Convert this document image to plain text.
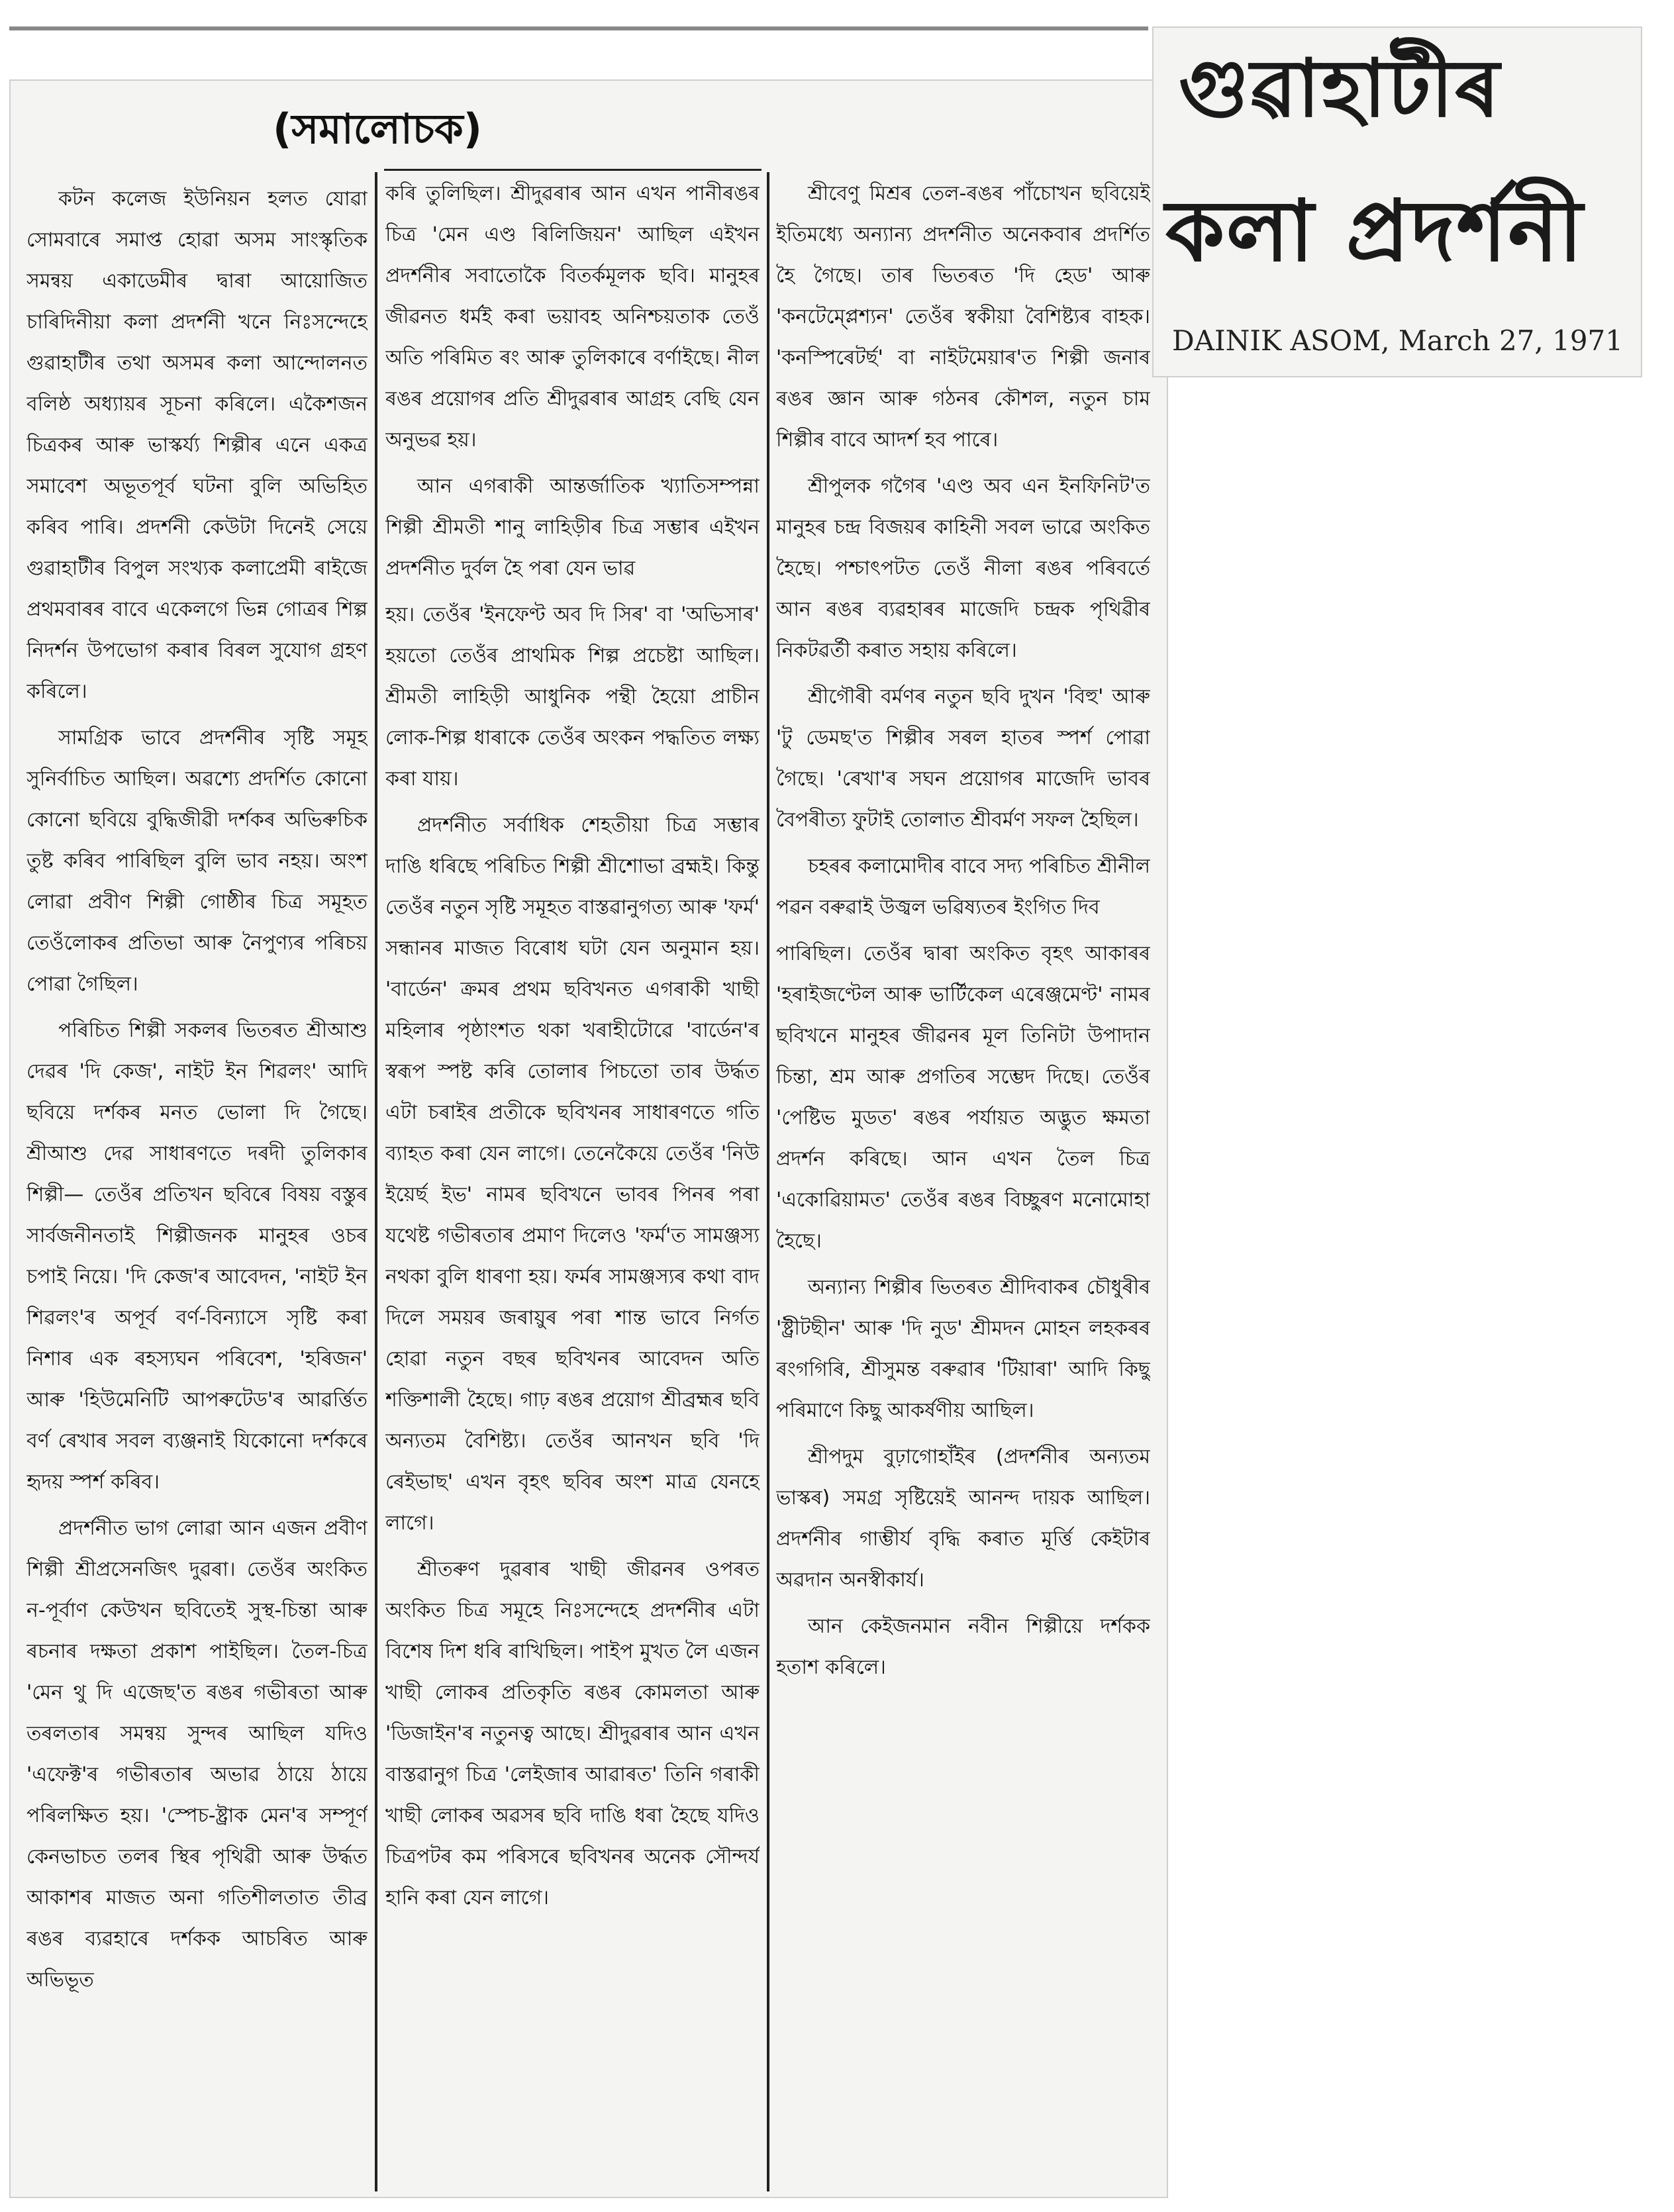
(সমালোচক)	গুৱাহাটীৰ
কলা প্ৰদৰ্শনী
DAINIK ASOM, March 27, 1971

কটন কলেজ ইউনিয়ন হলত যোৱা সোমবাৰে সমাপ্ত হোৱা অসম সাংস্কৃতিক সমন্বয় একাডেমীৰ দ্বাৰা আয়োজিত চাৰিদিনীয়া কলা প্ৰদৰ্শনী খনে নিঃসন্দেহে গুৱাহাটীৰ তথা অসমৰ কলা আন্দোলনত বলিষ্ঠ অধ্যায়ৰ সূচনা কৰিলে। একৈশজন চিত্ৰকৰ আৰু ভাস্কৰ্য্য শিল্পীৰ এনে একত্ৰ সমাবেশ অভূতপূৰ্ব ঘটনা বুলি অভিহিত কৰিব পাৰি। প্ৰদৰ্শনী কেউটা দিনেই সেয়ে গুৱাহাটীৰ বিপুল সংখ্যক কলাপ্ৰেমী ৰাইজে প্ৰথমবাৰৰ বাবে একেলগে ভিন্ন গোত্ৰৰ শিল্প নিদৰ্শন উপভোগ কৰাৰ বিৰল সুযোগ গ্ৰহণ কৰিলে।

সামগ্ৰিক ভাবে প্ৰদৰ্শনীৰ সৃষ্টি সমূহ সুনিৰ্বাচিত আছিল। অৱশ্যে প্ৰদৰ্শিত কোনো কোনো ছবিয়ে বুদ্ধিজীৱী দৰ্শকৰ অভিৰুচিক তুষ্ট কৰিব পাৰিছিল বুলি ভাব নহয়। অংশ লোৱা প্ৰবীণ শিল্পী গোষ্ঠীৰ চিত্ৰ সমূহত তেওঁলোকৰ প্ৰতিভা আৰু নৈপুণ্যৰ পৰিচয় পোৱা গৈছিল।

পৰিচিত শিল্পী সকলৰ ভিতৰত শ্ৰীআশু দেৱৰ 'দি কেজ', নাইট ইন শিৱলং' আদি ছবিয়ে দৰ্শকৰ মনত ভোলা দি গৈছে। শ্ৰীআশু দেৱ সাধাৰণতে দৰদী তুলিকাৰ শিল্পী— তেওঁৰ প্ৰতিখন ছবিৰে বিষয় বস্তুৰ সাৰ্বজনীনতাই শিল্পীজনক মানুহৰ ওচৰ চপাই নিয়ে। 'দি কেজ'ৰ আবেদন, 'নাইট ইন শিৱলং'ৰ অপূৰ্ব বৰ্ণ-বিন্যাসে সৃষ্টি কৰা নিশাৰ এক ৰহস্যঘন পৰিবেশ, 'হৰিজন' আৰু 'হিউমেনিটি আপৰুটেড'ৰ আৱৰ্ত্তিত বৰ্ণ ৰেখাৰ সবল ব্যঞ্জনাই যিকোনো দৰ্শকৰে হৃদয় স্পৰ্শ কৰিব।

প্ৰদৰ্শনীত ভাগ লোৱা আন এজন প্ৰবীণ শিল্পী শ্ৰীপ্ৰসেনজিৎ দুৱৰা। তেওঁৰ অংকিত ন-পূৰ্বাণ কেউখন ছবিতেই সুস্থ-চিন্তা আৰু ৰচনাৰ দক্ষতা প্ৰকাশ পাইছিল। তৈল-চিত্ৰ 'মেন থু দি এজেছ'ত ৰঙৰ গভীৰতা আৰু তৰলতাৰ সমন্বয় সুন্দৰ আছিল যদিও 'এফেক্ট'ৰ গভীৰতাৰ অভাৱ ঠায়ে ঠায়ে পৰিলক্ষিত হয়। 'স্পেচ-ষ্ট্ৰাক মেন'ৰ সম্পূৰ্ণ কেনভাচত তলৰ স্থিৰ পৃথিৱী আৰু উৰ্দ্ধত আকাশৰ মাজত অনা গতিশীলতাত তীব্ৰ ৰঙৰ ব্যৱহাৰে দৰ্শকক আচৰিত আৰু অভিভূত

কৰি তুলিছিল। শ্ৰীদুৱৰাৰ আন এখন পানীৰঙৰ চিত্ৰ 'মেন এণ্ড ৰিলিজিয়ন' আছিল এইখন প্ৰদৰ্শনীৰ সবাতোকৈ বিতৰ্কমূলক ছবি। মানুহৰ জীৱনত ধৰ্মই কৰা ভয়াবহ অনিশ্চয়তাক তেওঁ অতি পৰিমিত ৰং আৰু তুলিকাৰে বৰ্ণাইছে। নীল ৰঙৰ প্ৰয়োগৰ প্ৰতি শ্ৰীদুৱৰাৰ আগ্ৰহ বেছি যেন অনুভৱ হয়।

আন এগৰাকী আন্তৰ্জাতিক খ্যাতিসম্পন্না শিল্পী শ্ৰীমতী শানু লাহিড়ীৰ চিত্ৰ সম্ভাৰ এইখন প্ৰদৰ্শনীত দুৰ্বল হৈ পৰা যেন ভাৱ

হয়। তেওঁৰ 'ইনফেণ্ট অব দি সিৰ' বা 'অভিসাৰ' হয়তো তেওঁৰ প্ৰাথমিক শিল্প প্ৰচেষ্টা আছিল। শ্ৰীমতী লাহিড়ী আধুনিক পন্থী হৈয়ো প্ৰাচীন লোক-শিল্প ধাৰাকে তেওঁৰ অংকন পদ্ধতিত লক্ষ্য কৰা যায়।

প্ৰদৰ্শনীত সৰ্বাধিক শেহতীয়া চিত্ৰ সম্ভাৰ দাঙি ধৰিছে পৰিচিত শিল্পী শ্ৰীশোভা ব্ৰহ্মই। কিন্তু তেওঁৰ নতুন সৃষ্টি সমূহত বাস্তৱানুগত্য আৰু 'ফৰ্ম' সন্ধানৰ মাজত বিৰোধ ঘটা যেন অনুমান হয়। 'বাৰ্ডেন' ক্ৰমৰ প্ৰথম ছবিখনত এগৰাকী খাছী মহিলাৰ পৃষ্ঠাংশত থকা খৰাহীটোৱে 'বাৰ্ডেন'ৰ স্বৰূপ স্পষ্ট কৰি তোলাৰ পিচতো তাৰ উৰ্দ্ধত এটা চৰাইৰ প্ৰতীকে ছবিখনৰ সাধাৰণতে গতি ব্যাহত কৰা যেন লাগে। তেনেকৈয়ে তেওঁৰ 'নিউ ইয়েৰ্ছ ইভ' নামৰ ছবিখনে ভাবৰ পিনৰ পৰা যথেষ্ট গভীৰতাৰ প্ৰমাণ দিলেও 'ফৰ্ম'ত সামঞ্জস্য নথকা বুলি ধাৰণা হয়। ফৰ্মৰ সামঞ্জস্যৰ কথা বাদ দিলে সময়ৰ জৰায়ুৰ পৰা শান্ত ভাবে নিৰ্গত হোৱা নতুন বছৰ ছবিখনৰ আবেদন অতি শক্তিশালী হৈছে। গাঢ় ৰঙৰ প্ৰয়োগ শ্ৰীব্ৰহ্মৰ ছবি অন্যতম বৈশিষ্ট্য। তেওঁৰ আনখন ছবি 'দি ৰেইভাছ' এখন বৃহৎ ছবিৰ অংশ মাত্ৰ যেনহে লাগে।

শ্ৰীতৰুণ দুৱৰাৰ খাছী জীৱনৰ ওপৰত অংকিত চিত্ৰ সমূহে নিঃসন্দেহে প্ৰদৰ্শনীৰ এটা বিশেষ দিশ ধৰি ৰাখিছিল। পাইপ মুখত লৈ এজন খাছী লোকৰ প্ৰতিকৃতি ৰঙৰ কোমলতা আৰু 'ডিজাইন'ৰ নতুনত্ব আছে। শ্ৰীদুৱৰাৰ আন এখন বাস্তৱানুগ চিত্ৰ 'লেইজাৰ আৱাৰত' তিনি গৰাকী খাছী লোকৰ অৱসৰ ছবি দাঙি ধৰা হৈছে যদিও চিত্ৰপটৰ কম পৰিসৰে ছবিখনৰ অনেক সৌন্দৰ্য হানি কৰা যেন লাগে।

শ্ৰীবেণু মিশ্ৰৰ তেল-ৰঙৰ পাঁচোখন ছবিয়েই ইতিমধ্যে অন্যান্য প্ৰদৰ্শনীত অনেকবাৰ প্ৰদৰ্শিত হৈ গৈছে। তাৰ ভিতৰত 'দি হেড' আৰু 'কনটেম্প্লেশ্যন' তেওঁৰ স্বকীয়া বৈশিষ্ট্যৰ বাহক। 'কনস্পিৰেটৰ্ছ' বা নাইটমেয়াৰ'ত শিল্পী জনাৰ ৰঙৰ জ্ঞান আৰু গঠনৰ কৌশল, নতুন চাম শিল্পীৰ বাবে আদৰ্শ হব পাৰে।

শ্ৰীপুলক গগৈৰ 'এণ্ড অব এন ইনফিনিট'ত মানুহৰ চন্দ্ৰ বিজয়ৰ কাহিনী সবল ভাৱে অংকিত হৈছে। পশ্চাৎপটত তেওঁ নীলা ৰঙৰ পৰিবৰ্তে আন ৰঙৰ ব্যৱহাৰৰ মাজেদি চন্দ্ৰক পৃথিৱীৰ নিকটৱৰ্তী কৰাত সহায় কৰিলে।

শ্ৰীগৌৰী বৰ্মণৰ নতুন ছবি দুখন 'বিহু' আৰু 'টু ডেমছ'ত শিল্পীৰ সৰল হাতৰ স্পৰ্শ পোৱা গৈছে। 'ৰেখা'ৰ সঘন প্ৰয়োগৰ মাজেদি ভাবৰ বৈপৰীত্য ফুটাই তোলাত শ্ৰীবৰ্মণ সফল হৈছিল।

চহৰৰ কলামোদীৰ বাবে সদ্য পৰিচিত শ্ৰীনীল পৱন বৰুৱাই উজ্বল ভৱিষ্যতৰ ইংগিত দিব

পাৰিছিল। তেওঁৰ দ্বাৰা অংকিত বৃহৎ আকাৰৰ 'হৰাইজণ্টেল আৰু ভাৰ্টিকেল এৰেঞ্জমেণ্ট' নামৰ ছবিখনে মানুহৰ জীৱনৰ মূল তিনিটা উপাদান চিন্তা, শ্ৰম আৰু প্ৰগতিৰ সম্ভেদ দিছে। তেওঁৰ 'পেষ্টিভ মুডত' ৰঙৰ পৰ্যায়ত অদ্ভুত ক্ষমতা প্ৰদৰ্শন কৰিছে। আন এখন তৈল চিত্ৰ 'একোৱিয়ামত' তেওঁৰ ৰঙৰ বিচ্ছুৰণ মনোমোহা হৈছে।

অন্যান্য শিল্পীৰ ভিতৰত শ্ৰীদিবাকৰ চৌধুৰীৰ 'ষ্ট্ৰীটছীন' আৰু 'দি নুড' শ্ৰীমদন মোহন লহকৰৰ ৰংগগিৰি, শ্ৰীসুমন্ত বৰুৱাৰ 'টিয়াৰা' আদি কিছু পৰিমাণে কিছু আকৰ্ষণীয় আছিল।

শ্ৰীপদুম বুঢ়াগোহাঁইৰ (প্ৰদৰ্শনীৰ অন্যতম ভাস্কৰ) সমগ্ৰ সৃষ্টিয়েই আনন্দ দায়ক আছিল। প্ৰদৰ্শনীৰ গাম্ভীৰ্য বৃদ্ধি কৰাত মূৰ্ত্তি কেইটাৰ অৱদান অনস্বীকাৰ্য।

আন কেইজনমান নবীন শিল্পীয়ে দৰ্শকক হতাশ কৰিলে।
